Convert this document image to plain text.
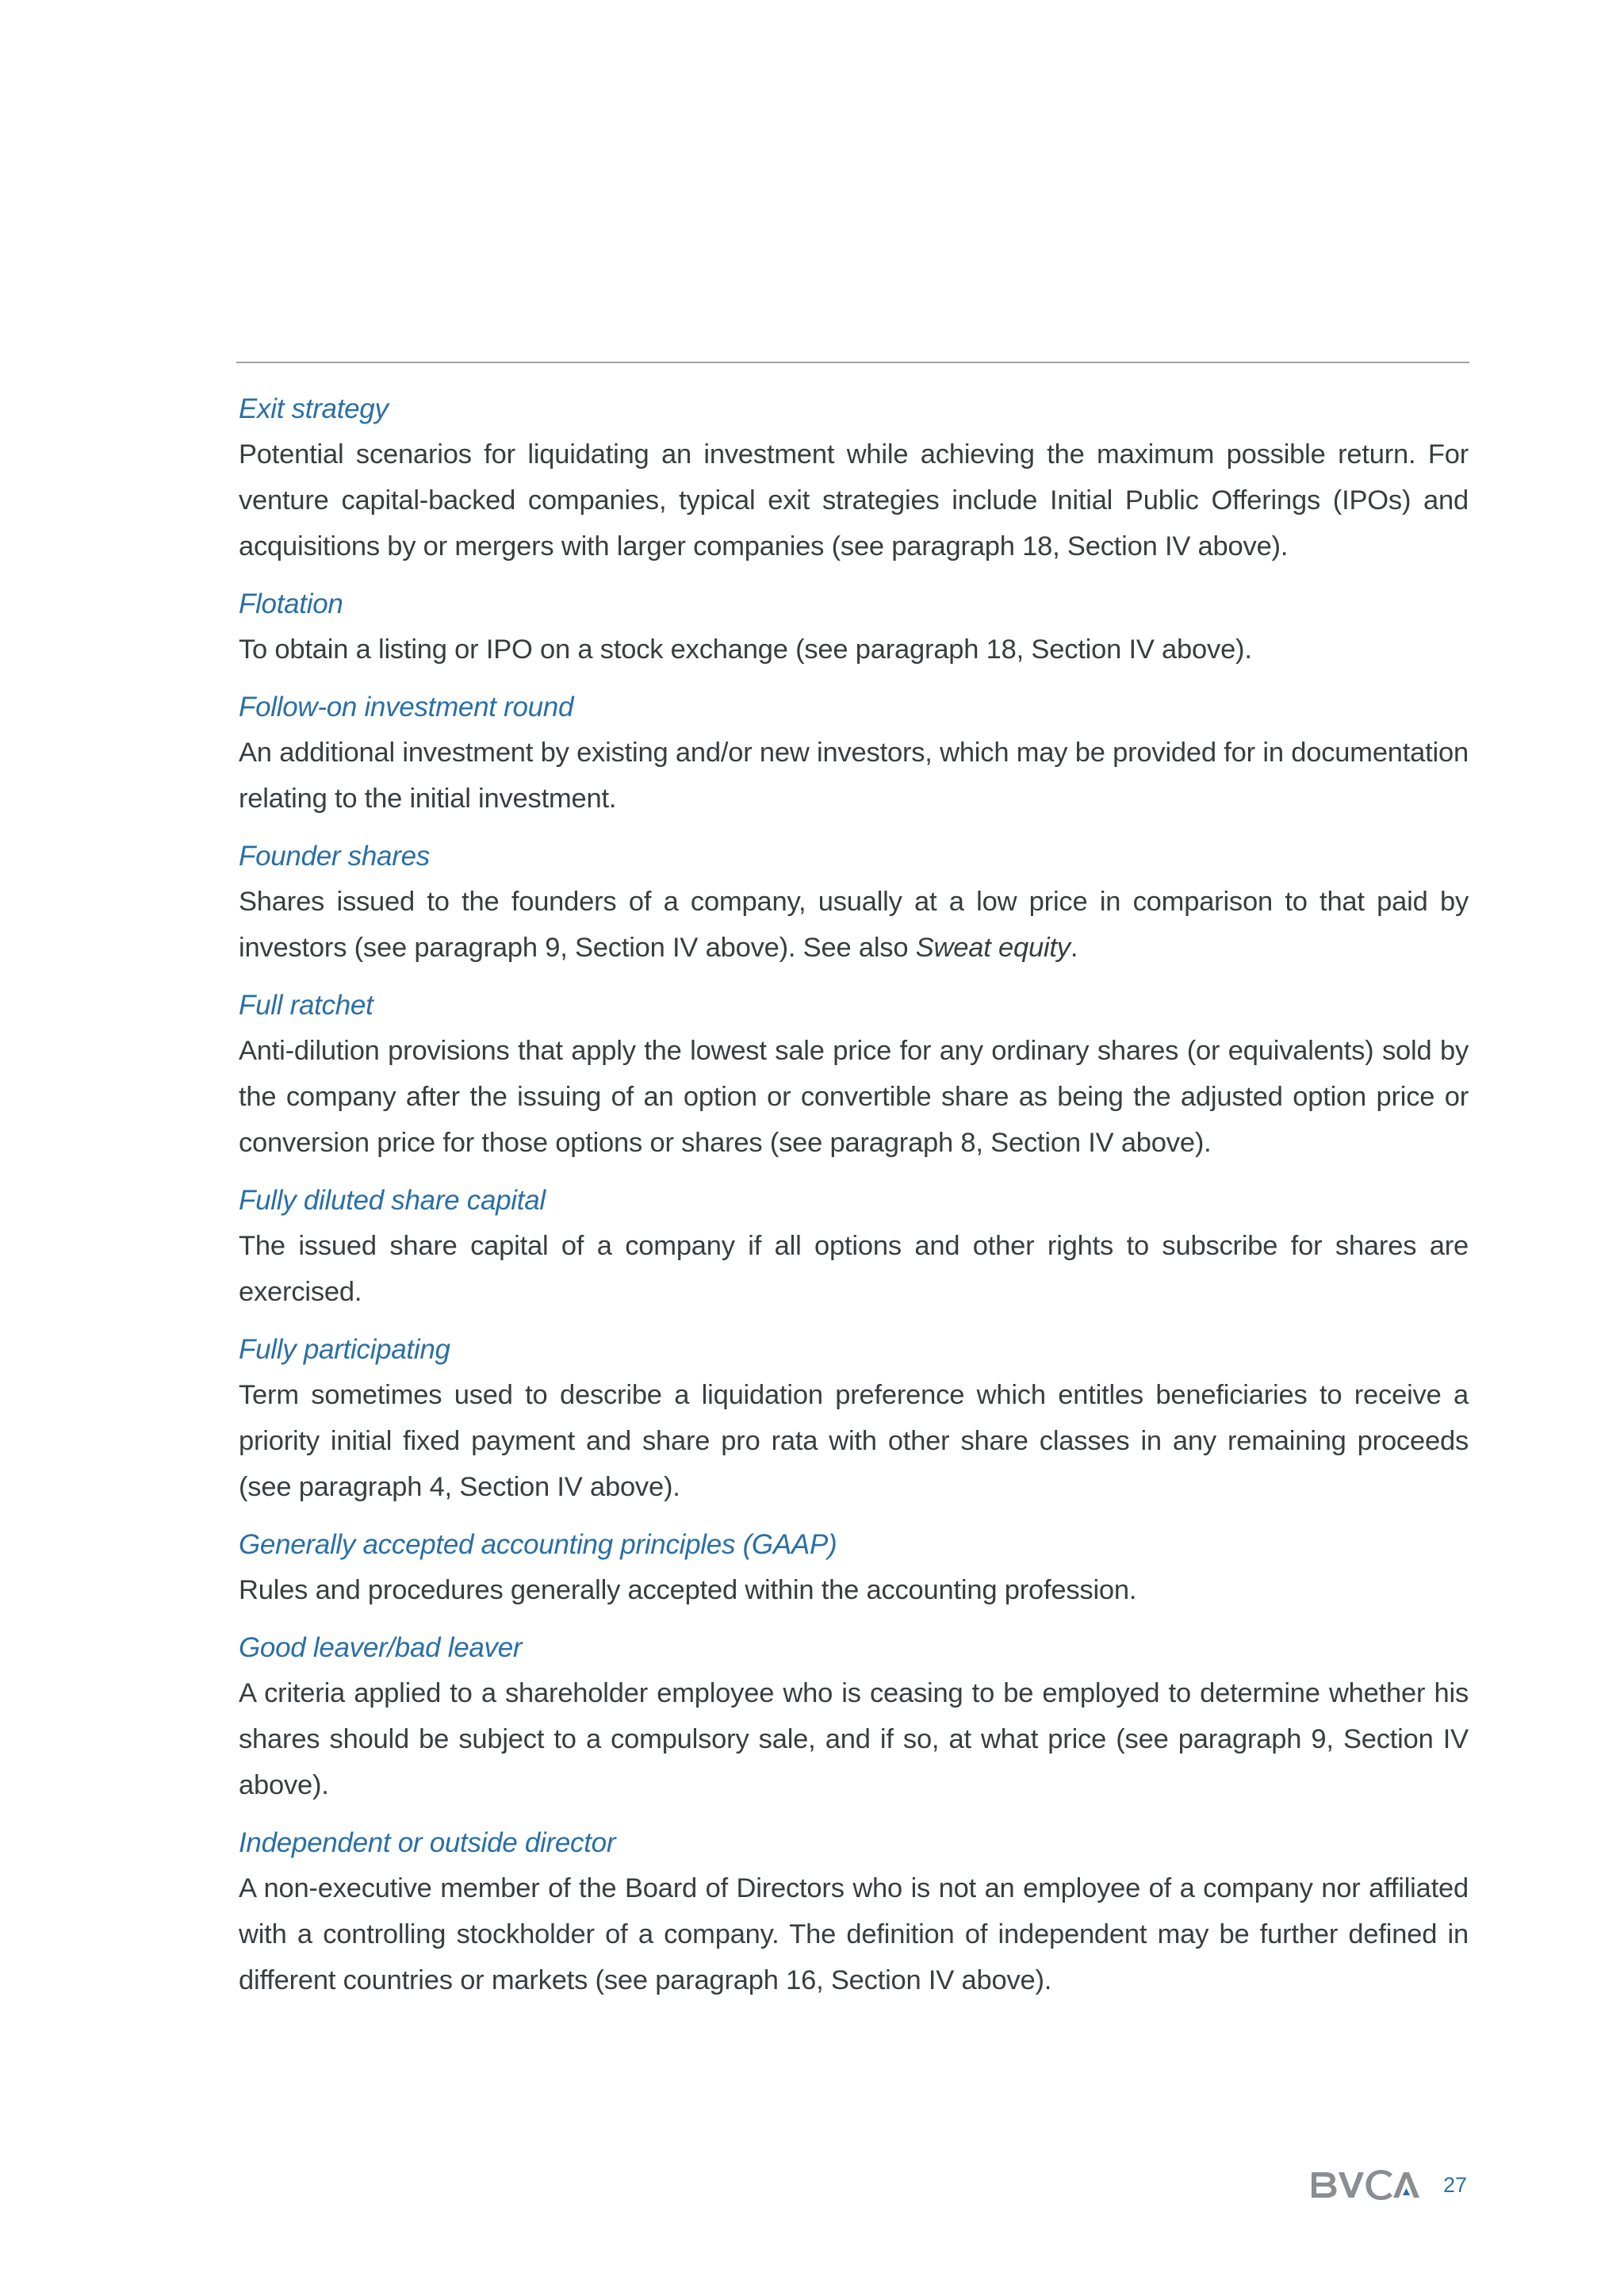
Exit strategy

Potential scenarios for liquidating an investment while achieving the maximum possible return. For venture capital-backed companies, typical exit strategies include Initial Public Offerings (IPOs) and acquisitions by or mergers with larger companies (see paragraph 18, Section IV above).

Flotation

To obtain a listing or IPO on a stock exchange (see paragraph 18, Section IV above).

Follow-on investment round

An additional investment by existing and/or new investors, which may be provided for in documentation relating to the initial investment.

Founder shares

Shares issued to the founders of a company, usually at a low price in comparison to that paid by investors (see paragraph 9, Section IV above). See also Sweat equity.

Full ratchet

Anti-dilution provisions that apply the lowest sale price for any ordinary shares (or equivalents) sold by the company after the issuing of an option or convertible share as being the adjusted option price or conversion price for those options or shares (see paragraph 8, Section IV above).

Fully diluted share capital

The issued share capital of a company if all options and other rights to subscribe for shares are exercised.

Fully participating

Term sometimes used to describe a liquidation preference which entitles beneficiaries to receive a priority initial fixed payment and share pro rata with other share classes in any remaining proceeds (see paragraph 4, Section IV above).

Generally accepted accounting principles (GAAP)

Rules and procedures generally accepted within the accounting profession.

Good leaver/bad leaver

A criteria applied to a shareholder employee who is ceasing to be employed to determine whether his shares should be subject to a compulsory sale, and if so, at what price (see paragraph 9, Section IV above).

Independent or outside director

A non-executive member of the Board of Directors who is not an employee of a company nor affiliated with a controlling stockholder of a company. The definition of independent may be further defined in different countries or markets (see paragraph 16, Section IV above).

27
